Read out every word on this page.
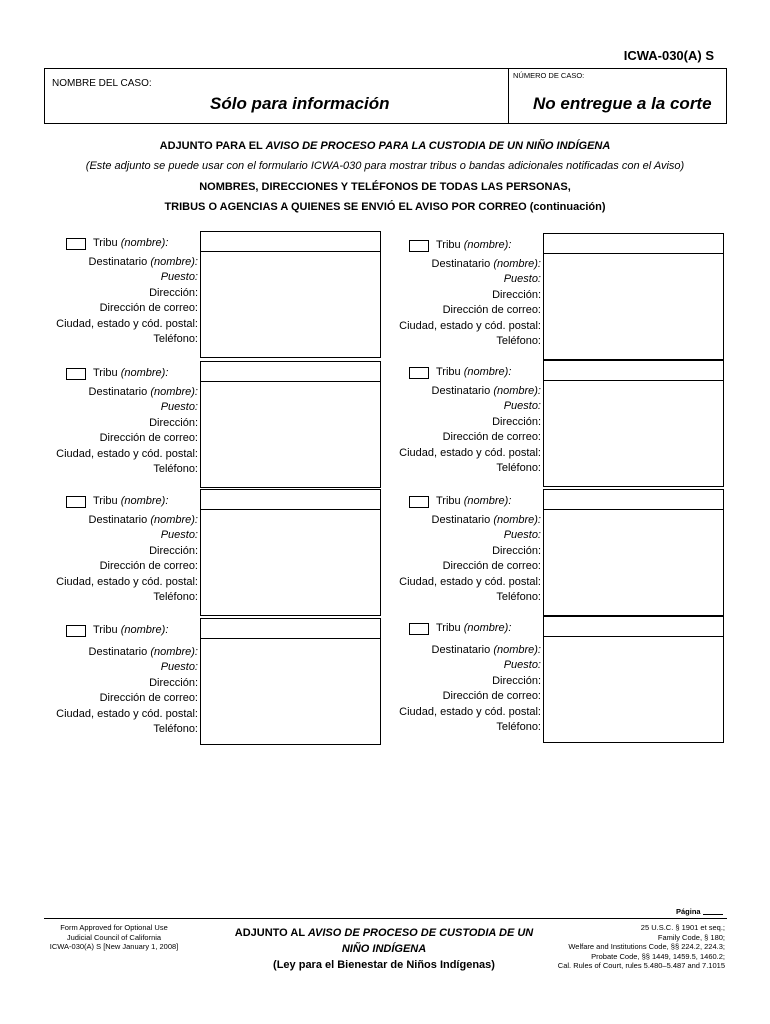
ICWA-030(A) S
NOMBRE DEL CASO:
NÚMERO DE CASO:
Sólo para información	No entregue a la corte
ADJUNTO PARA EL AVISO DE PROCESO PARA LA CUSTODIA DE UN NIÑO INDÍGENA
(Este adjunto se puede usar con el formulario ICWA-030 para mostrar tribus o bandas adicionales notificadas con el Aviso)
NOMBRES, DIRECCIONES Y TELÉFONOS DE TODAS LAS PERSONAS,
TRIBUS O AGENCIAS A QUIENES SE ENVIÓ EL AVISO POR CORREO (continuación)
Tribu (nombre):
Destinatario (nombre):
Puesto:
Dirección:
Dirección de correo:
Ciudad, estado y cód. postal:
Teléfono:
Tribu (nombre):
Destinatario (nombre):
Puesto:
Dirección:
Dirección de correo:
Ciudad, estado y cód. postal:
Teléfono:
Tribu (nombre):
Destinatario (nombre):
Puesto:
Dirección:
Dirección de correo:
Ciudad, estado y cód. postal:
Teléfono:
Tribu (nombre):
Destinatario (nombre):
Puesto:
Dirección:
Dirección de correo:
Ciudad, estado y cód. postal:
Teléfono:
Tribu (nombre):
Destinatario (nombre):
Puesto:
Dirección:
Dirección de correo:
Ciudad, estado y cód. postal:
Teléfono:
Tribu (nombre):
Destinatario (nombre):
Puesto:
Dirección:
Dirección de correo:
Ciudad, estado y cód. postal:
Teléfono:
Tribu (nombre):
Destinatario (nombre):
Puesto:
Dirección:
Dirección de correo:
Ciudad, estado y cód. postal:
Teléfono:
Tribu (nombre):
Destinatario (nombre):
Puesto:
Dirección:
Dirección de correo:
Ciudad, estado y cód. postal:
Teléfono:
Página
Form Approved for Optional Use
Judicial Council of California
ICWA-030(A) S [New January 1, 2008]
ADJUNTO AL AVISO DE PROCESO DE CUSTODIA DE UN
NIÑO INDÍGENA
(Ley para el Bienestar de Niños Indígenas)
25 U.S.C. § 1901 et seq.;
Family Code, § 180;
Welfare and Institutions Code, §§ 224.2, 224.3;
Probate Code, §§ 1449, 1459.5, 1460.2;
Cal. Rules of Court, rules 5.480–5.487 and 7.1015
